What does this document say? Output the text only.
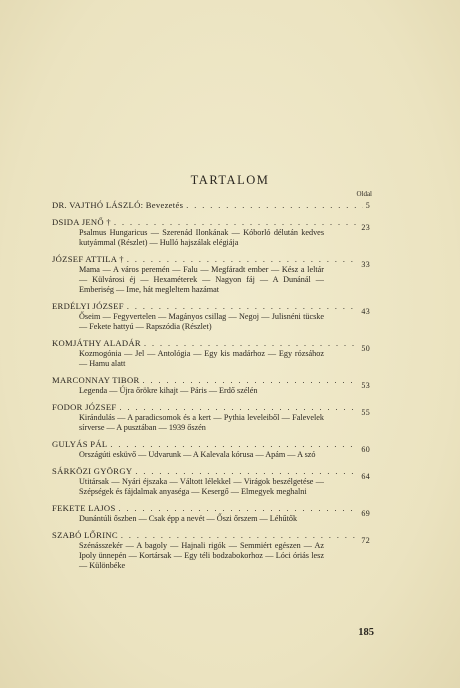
TARTALOM
Oldal
DR. VAJTHÓ LÁSZLÓ: Bevezetés
. . .	5
DSIDA JENŐ †
. . .
23
Psalmus Hungaricus — Szerenád Ilonkának — Kóborló délután kedves kutyámmal (Részlet) — Hulló hajszálak elégiája
JÓZSEF ATTILA †
. . .
33
Mama — A város peremén — Falu — Megfáradt ember — Kész a leltár — Külvárosi éj — Hexaméterek — Nagyon fáj — A Dunánál — Emberiség — Ime, hát megleltem hazámat
ERDÉLYI JÓZSEF
. . .
43
Őseim — Fegyvertelen — Magányos csillag — Negoj — Julisnéni tücske — Fekete hattyú — Rapszódia (Részlet)
KOMJÁTHY ALADÁR
. . .
50
Kozmogónia — Jel — Antológia — Egy kis madárhoz — Egy rózsához — Hamu alatt
MARCONNAY TIBOR
. . .
53
Legenda — Újra őrökre kihajt — Páris — Erdő szélén
FODOR JÓZSEF
. . .
55
Kirándulás — A paradicsomok és a kert — Pythia leveleiből — Falevelek sírverse — A pusztában — 1939 őszén
GULYÁS PÁL
. . .
60
Országúti esküvő — Udvarunk — A Kalevala kórusa — Apám — A szó
SÁRKÖZI GYÖRGY
. . .
64
Utitársak — Nyári éjszaka — Váltott lélekkel — Virágok beszélgetése — Szépségek és fájdalmak anyaséga — Kesergő — Elmegyek meghalni
FEKETE LAJOS
. . .
69
Dunántúli őszben — Csak épp a nevét — Őszi őrszem — Léhűtők
SZABÓ LŐRINC
. . .
72
Szénásszekér — A bagoly — Hajnali rigók — Semmiért egészen — Az Ipoly ünnepén — Kortársak — Egy téli bodzabokorhoz — Lóci óriás lesz — Különbéke
185
